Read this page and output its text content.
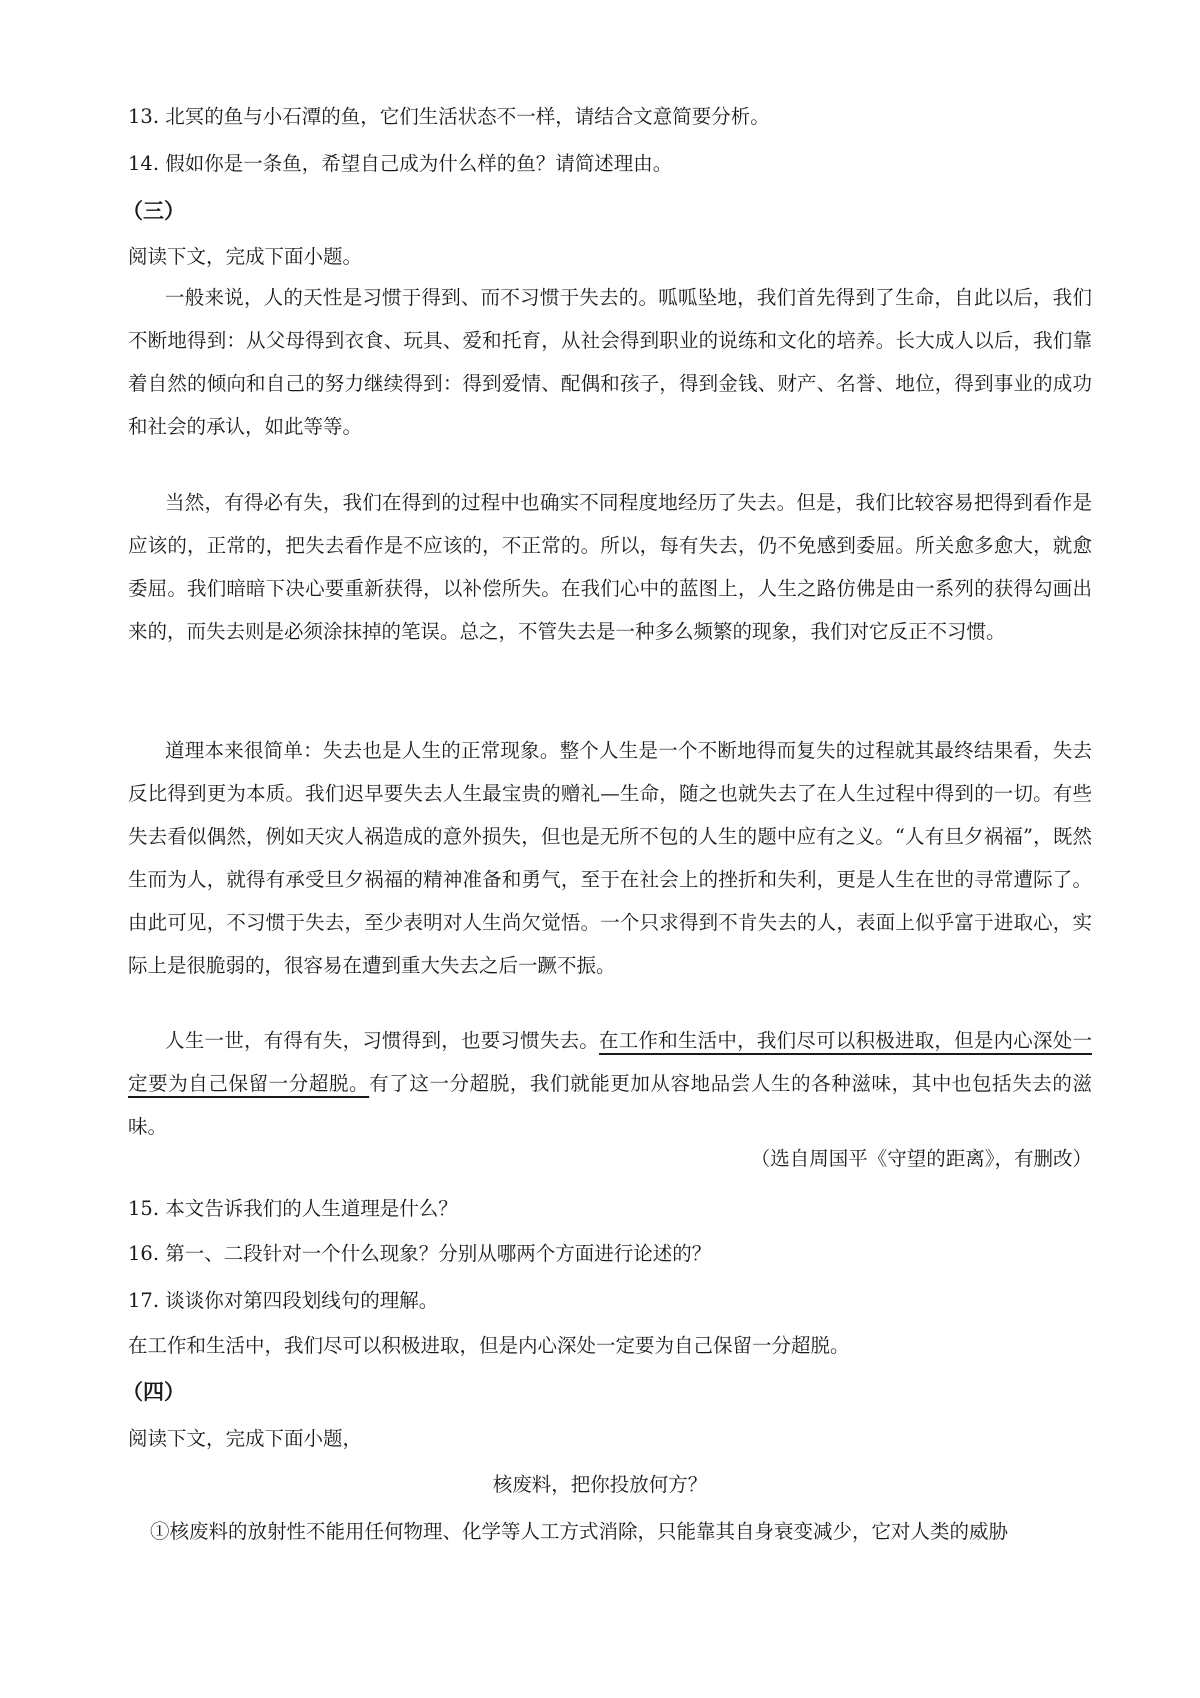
13. 北冥的鱼与小石潭的鱼，它们生活状态不一样，请结合文意简要分析。
14. 假如你是一条鱼，希望自己成为什么样的鱼？请简述理由。
（三）
阅读下文，完成下面小题。
一般来说，人的天性是习惯于得到、而不习惯于失去的。呱呱坠地，我们首先得到了生命，自此以后，我们不断地得到：从父母得到衣食、玩具、爱和托育，从社会得到职业的说练和文化的培养。长大成人以后，我们靠着自然的倾向和自己的努力继续得到：得到爱情、配偶和孩子，得到金钱、财产、名誉、地位，得到事业的成功和社会的承认，如此等等。
当然，有得必有失，我们在得到的过程中也确实不同程度地经历了失去。但是，我们比较容易把得到看作是应该的，正常的，把失去看作是不应该的，不正常的。所以，每有失去，仍不免感到委屈。所关愈多愈大，就愈委屈。我们暗暗下决心要重新获得，以补偿所失。在我们心中的蓝图上，人生之路仿佛是由一系列的获得勾画出来的，而失去则是必须涂抹掉的笔误。总之，不管失去是一种多么频繁的现象，我们对它反正不习惯。
道理本来很简单：失去也是人生的正常现象。整个人生是一个不断地得而复失的过程就其最终结果看，失去反比得到更为本质。我们迟早要失去人生最宝贵的赠礼—生命，随之也就失去了在人生过程中得到的一切。有些失去看似偶然，例如天灾人祸造成的意外损失，但也是无所不包的人生的题中应有之义。“人有旦夕祸福”，既然生而为人，就得有承受旦夕祸福的精神准备和勇气，至于在社会上的挫折和失利，更是人生在世的寻常遭际了。由此可见，不习惯于失去，至少表明对人生尚欠觉悟。一个只求得到不肯失去的人，表面上似乎富于进取心，实际上是很脆弱的，很容易在遭到重大失去之后一蹶不振。
人生一世，有得有失，习惯得到，也要习惯失去。在工作和生活中，我们尽可以积极进取，但是内心深处一定要为自己保留一分超脱。有了这一分超脱，我们就能更加从容地品尝人生的各种滋味，其中也包括失去的滋味。
（选自周国平《守望的距离》，有删改）
15. 本文告诉我们的人生道理是什么？
16. 第一、二段针对一个什么现象？分别从哪两个方面进行论述的？
17. 谈谈你对第四段划线句的理解。
在工作和生活中，我们尽可以积极进取，但是内心深处一定要为自己保留一分超脱。
（四）
阅读下文，完成下面小题，
核废料，把你投放何方？
①核废料的放射性不能用任何物理、化学等人工方式消除，只能靠其自身衰变减少，它对人类的威胁
